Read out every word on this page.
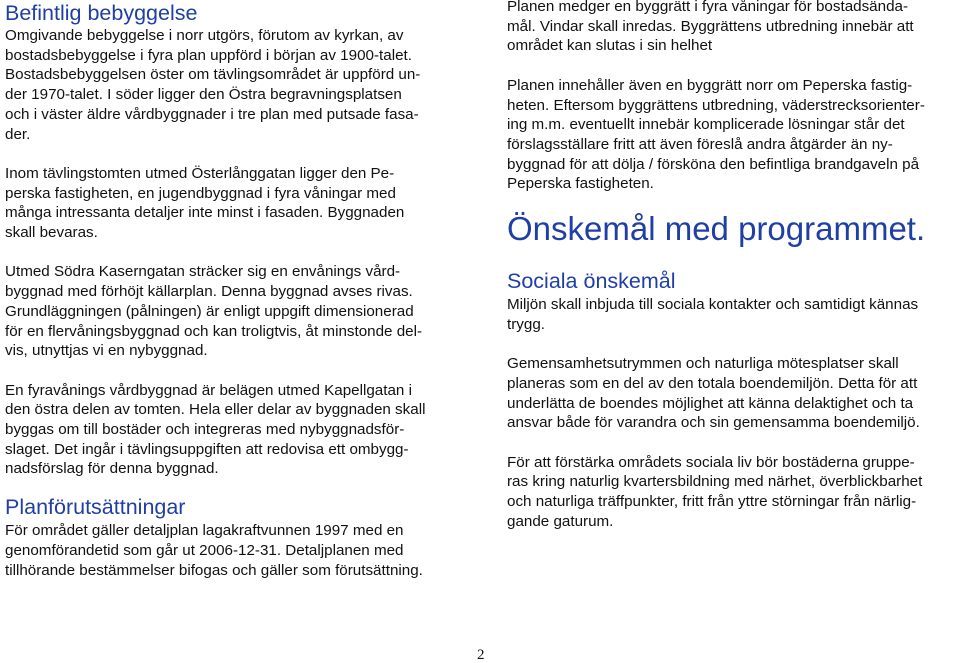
Befintlig bebyggelse

Omgivande bebyggelse i norr utgörs, förutom av kyrkan, av
bostadsbebyggelse i fyra plan uppförd i början av 1900-talet.
Bostadsbebyggelsen öster om tävlingsområdet är uppförd un-
der 1970-talet. I söder ligger den Östra begravningsplatsen
och i väster äldre vårdbyggnader i tre plan med putsade fasa-
der.

Inom tävlingstomten utmed Österlånggatan ligger den Pe-
perska fastigheten, en jugendbyggnad i fyra våningar med
många intressanta detaljer inte minst i fasaden. Byggnaden
skall bevaras.

Utmed Södra Kaserngatan sträcker sig en envånings vård-
byggnad med förhöjt källarplan. Denna byggnad avses rivas.
Grundläggningen (pålningen) är enligt uppgift dimensionerad
för en flervåningsbyggnad och kan troligtvis, åt minstonde del-
vis, utnyttjas vi en nybyggnad.

En fyravånings vårdbyggnad är belägen utmed Kapellgatan i
den östra delen av tomten. Hela eller delar av byggnaden skall
byggas om till bostäder och integreras med nybyggnadsför-
slaget. Det ingår i tävlingsuppgiften att redovisa ett ombygg-
nadsförslag för denna byggnad.

Planförutsättningar

För området gäller detaljplan lagakraftvunnen 1997 med en
genomförandetid som går ut 2006-12-31. Detaljplanen med
tillhörande bestämmelser bifogas och gäller som förutsättning.

Planen medger en byggrätt i fyra våningar för bostadsända-
mål. Vindar skall inredas. Byggrättens utbredning innebär att
området kan slutas i sin helhet

Planen innehåller även en byggrätt norr om Peperska fastig-
heten. Eftersom byggrättens utbredning, väderstrecksorienter-
ing m.m. eventuellt innebär komplicerade lösningar står det
förslagsställare fritt att även föreslå andra åtgärder än ny-
byggnad för att dölja / försköna den befintliga brandgaveln på
Peperska fastigheten.

Önskemål med programmet.
Sociala önskemål

Miljön skall inbjuda till sociala kontakter och samtidigt kännas
trygg.

Gemensamhetsutrymmen och naturliga mötesplatser skall
planeras som en del av den totala boendemiljön. Detta för att
underlätta de boendes möjlighet att känna delaktighet och ta
ansvar både för varandra och sin gemensamma boendemiljö.

För att förstärka områdets sociala liv bör bostäderna gruppe-
ras kring naturlig kvartersbildning med närhet, överblickbarhet
och naturliga träffpunkter, fritt från yttre störningar från närlig-
gande gaturum.

2
